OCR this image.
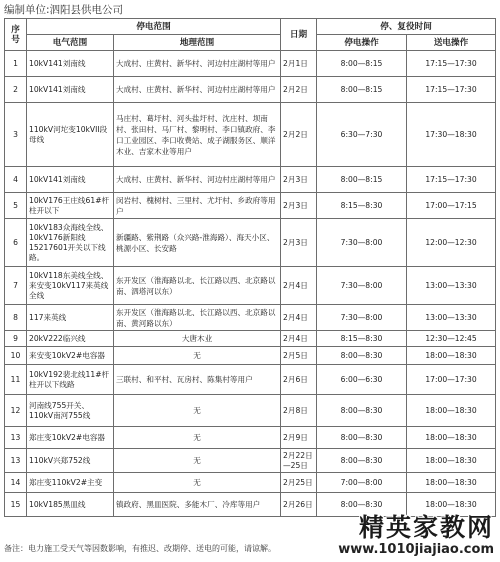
编制单位:泗阳县供电公司
序号	停电范围		日期	停、复役时间	
	电气范围	地理范围		停电操作	送电操作
1	10kV141刘南线	大成村、庄黄村、新华村、河边村庄湖村等用户	2月1日	8:00—8:15	17:15—17:30
2	10kV141刘南线	大成村、庄黄村、新华村、河边村庄湖村等用户	2月2日	8:00—8:15	17:15—17:30
3	110kV河坨变10kVII段母线	马庄村、葛圩村、河头盐圩村、沈庄村、坝南村、张田村、马厂村、黎明村、李口镇政府、李口工业园区、李口收费站、成子湖服务区、顺洋木业、吉家木业等用户	2月2日	6:30—7:30	17:30—18:30
4	10kV141刘南线	大成村、庄黄村、新华村、河边村庄湖村等用户	2月3日	8:00—8:15	17:15—17:30
5	10kV176王庄线61#杆柱开以下	闵岩村、槐树村、三里村、尤圩村、乡政府等用户	2月3日	8:15—8:30	17:00—17:15
6	10kV183众海线全线、10kV176新阳线15217601开关以下线路。	新疆路、紫荆路（众兴路-淮海路）、海天小区、桃源小区、长安路	2月3日	7:30—8:00	12:00—12:30
7	10kV118东美线全线、来安变10kV117来英线全线	东开发区（淮海路以北、长江路以西、北京路以南、泗塔河以东）	2月4日	7:30—8:00	13:00—13:30
8	117来英线	东开发区（淮海路以北、长江路以西、北京路以南、黄河路以东）	2月4日	7:30—8:00	13:00—13:30
9	20kV222临兴线	大唐木业	2月4日	8:15—8:30	12:30—12:45
10	来安变10kV2#电容器	无	2月5日	8:00—8:30	18:00—18:30
11	10kV192裴北线11#杆柱开以下线路	三联村、和平村、瓦房村、陈集村等用户	2月6日	6:00—6:30	17:00—17:30
12	河南线755开关、110kV南河755线	无	2月8日	8:00—8:30	18:00—18:30
13	郑庄变10kV2#电容器	无	2月9日	8:00—8:30	18:00—18:30
13	110kV兴郑752线	无	2月22日—25日	8:00—8:30	18:00—18:30
14	郑庄变110kV2#主变	无	2月25日	7:00—8:00	18:00—18:30
15	10kV185黑皿线	镇政府、黑皿医院、多能木厂、冷库等用户	2月26日	8:00—8:30	18:00—18:30
备注：电力施工受天气等因数影响，有推迟、改期停、送电的可能，请谅解。
精英家教网
www.1010jiajiao.com
